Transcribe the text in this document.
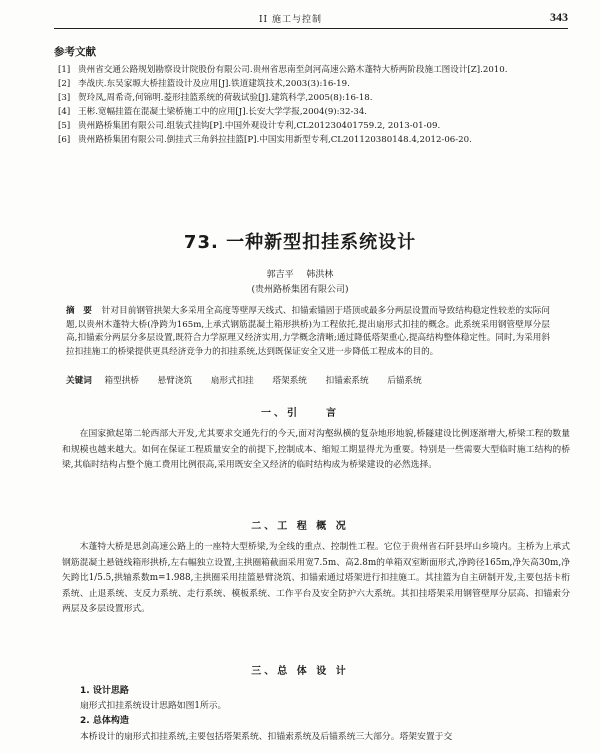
II 施工与控制	343
参考文献
[1] 贵州省交通公路规划勘察设计院股份有限公司.贵州省思南至剑河高速公路木蓬特大桥两阶段施工图设计[Z].2010.
[2] 李战庆.东吴家塬大桥挂篮设计及应用[J].铁道建筑技术,2003(3):16-19.
[3] 贺玲凤,周希奇,何锦明.菱形挂篮系统的荷载试验[J].建筑科学,2005(8):16-18.
[4] 王彬.宽幅挂篮在混凝土梁桥施工中的应用[J].长安大学学报,2004(9):32-34.
[5] 贵州路桥集团有限公司.组装式挂钩[P].中国外观设计专利,CL201230401759.2, 2013-01-09.
[6] 贵州路桥集团有限公司.倒挂式三角斜拉挂篮[P].中国实用新型专利,CL201120380148.4,2012-06-20.
73. 一种新型扣挂系统设计
郭吉平 韩洪林
(贵州路桥集团有限公司)
摘　要 针对目前钢管拱架大多采用全高度等壁厚天线式、扣锚索锚固于塔顶或最多分两层设置而导致结构稳定性较差的实际问题,以贵州木蓬特大桥(净跨为165m,上承式钢筋混凝土箱形拱桥)为工程依托,提出扇形式扣挂的概念。此系统采用钢管壁厚分层高,扣锚索分两层分多层设置,既符合力学原理又经济实用,力学概念清晰;通过降低塔架重心,提高结构整体稳定性。同时,为采用斜拉扣挂施工的桥梁提供更具经济竞争力的扣挂系统,达到既保证安全又进一步降低工程成本的目的。
关键词 箱型拱桥 悬臂浇筑 扇形式扣挂 塔架系统 扣锚索系统 后锚系统
一、引　　言
在国家掀起第二轮西部大开发,尤其要求交通先行的今天,面对沟壑纵横的复杂地形地貌,桥隧建设比例逐渐增大,桥梁工程的数量和规模也越来越大。如何在保证工程质量安全的前提下,控制成本、缩短工期显得尤为重要。特别是一些需要大型临时施工结构的桥梁,其临时结构占整个施工费用比例很高,采用既安全又经济的临时结构成为桥梁建设的必然选择。
二、工 程 概 况
木蓬特大桥是思剑高速公路上的一座特大型桥梁,为全线的重点、控制性工程。它位于贵州省石阡县坪山乡境内。主桥为上承式钢筋混凝土悬链线箱形拱桥,左右幅独立设置,主拱圈箱截面采用宽7.5m、高2.8m的单箱双室断面形式,净跨径165m,净矢高30m,净矢跨比1/5.5,拱轴系数m=1.988,主拱圈采用挂篮悬臂浇筑、扣锚索通过塔架进行扣挂施工。其挂篮为自主研制开发,主要包括卡桁系统、止退系统、支反力系统、走行系统、模板系统、工作平台及安全防护六大系统。其扣挂塔架采用钢管壁厚分层高、扣锚索分两层及多层设置形式。
三、总 体 设 计
1. 设计思路
扇形式扣挂系统设计思路如图1所示。
2. 总体构造
本桥设计的扇形式扣挂系统,主要包括塔架系统、扣锚索系统及后锚系统三大部分。塔架安置于交
